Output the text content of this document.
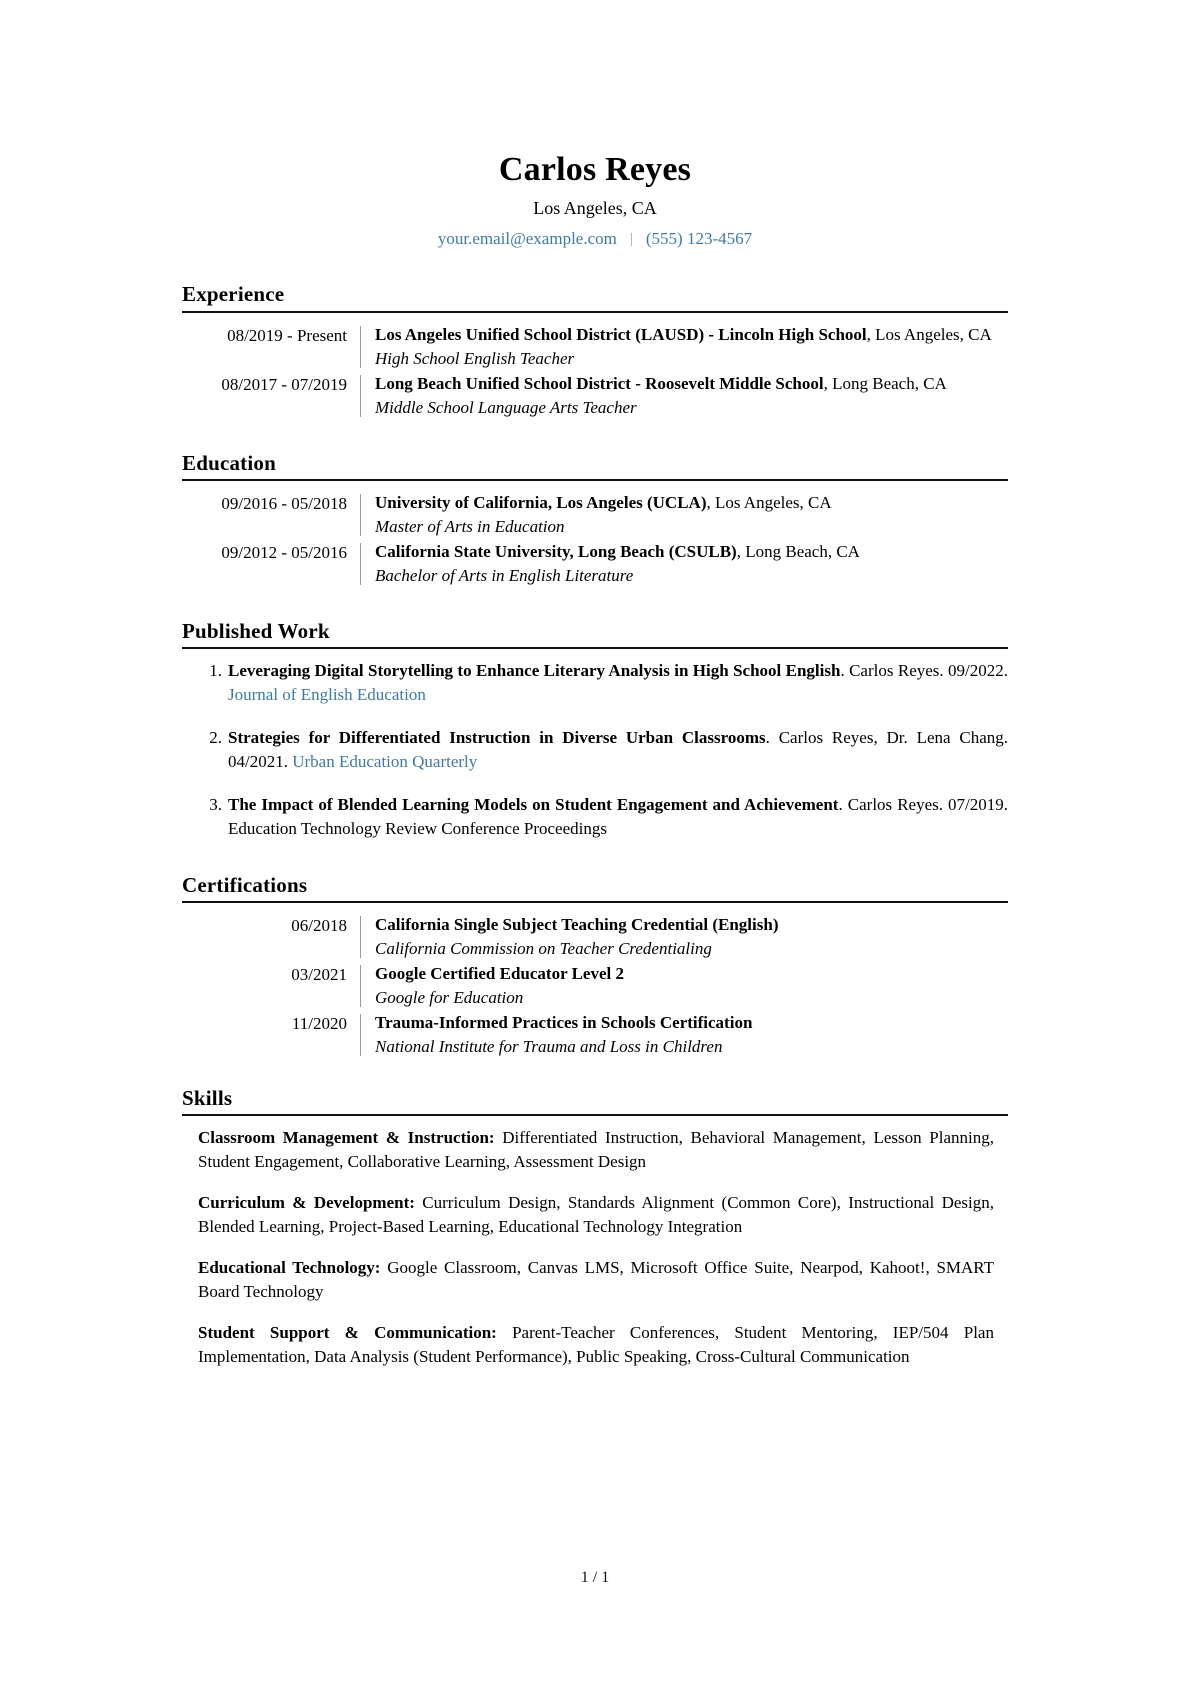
Carlos Reyes
Los Angeles, CA
your.email@example.com | (555) 123-4567
Experience
08/2019 - Present	Los Angeles Unified School District (LAUSD) - Lincoln High School, Los Angeles, CA
High School English Teacher
08/2017 - 07/2019	Long Beach Unified School District - Roosevelt Middle School, Long Beach, CA
Middle School Language Arts Teacher
Education
09/2016 - 05/2018	University of California, Los Angeles (UCLA), Los Angeles, CA
Master of Arts in Education
09/2012 - 05/2016	California State University, Long Beach (CSULB), Long Beach, CA
Bachelor of Arts in English Literature
Published Work
1. Leveraging Digital Storytelling to Enhance Literary Analysis in High School English. Carlos Reyes. 09/2022. Journal of English Education
2. Strategies for Differentiated Instruction in Diverse Urban Classrooms. Carlos Reyes, Dr. Lena Chang. 04/2021. Urban Education Quarterly
3. The Impact of Blended Learning Models on Student Engagement and Achievement. Carlos Reyes. 07/2019. Education Technology Review Conference Proceedings
Certifications
06/2018	California Single Subject Teaching Credential (English)
California Commission on Teacher Credentialing
03/2021	Google Certified Educator Level 2
Google for Education
11/2020	Trauma-Informed Practices in Schools Certification
National Institute for Trauma and Loss in Children
Skills
Classroom Management & Instruction: Differentiated Instruction, Behavioral Management, Lesson Planning, Student Engagement, Collaborative Learning, Assessment Design
Curriculum & Development: Curriculum Design, Standards Alignment (Common Core), Instructional Design, Blended Learning, Project-Based Learning, Educational Technology Integration
Educational Technology: Google Classroom, Canvas LMS, Microsoft Office Suite, Nearpod, Kahoot!, SMART Board Technology
Student Support & Communication: Parent-Teacher Conferences, Student Mentoring, IEP/504 Plan Implementation, Data Analysis (Student Performance), Public Speaking, Cross-Cultural Communication
1 / 1
